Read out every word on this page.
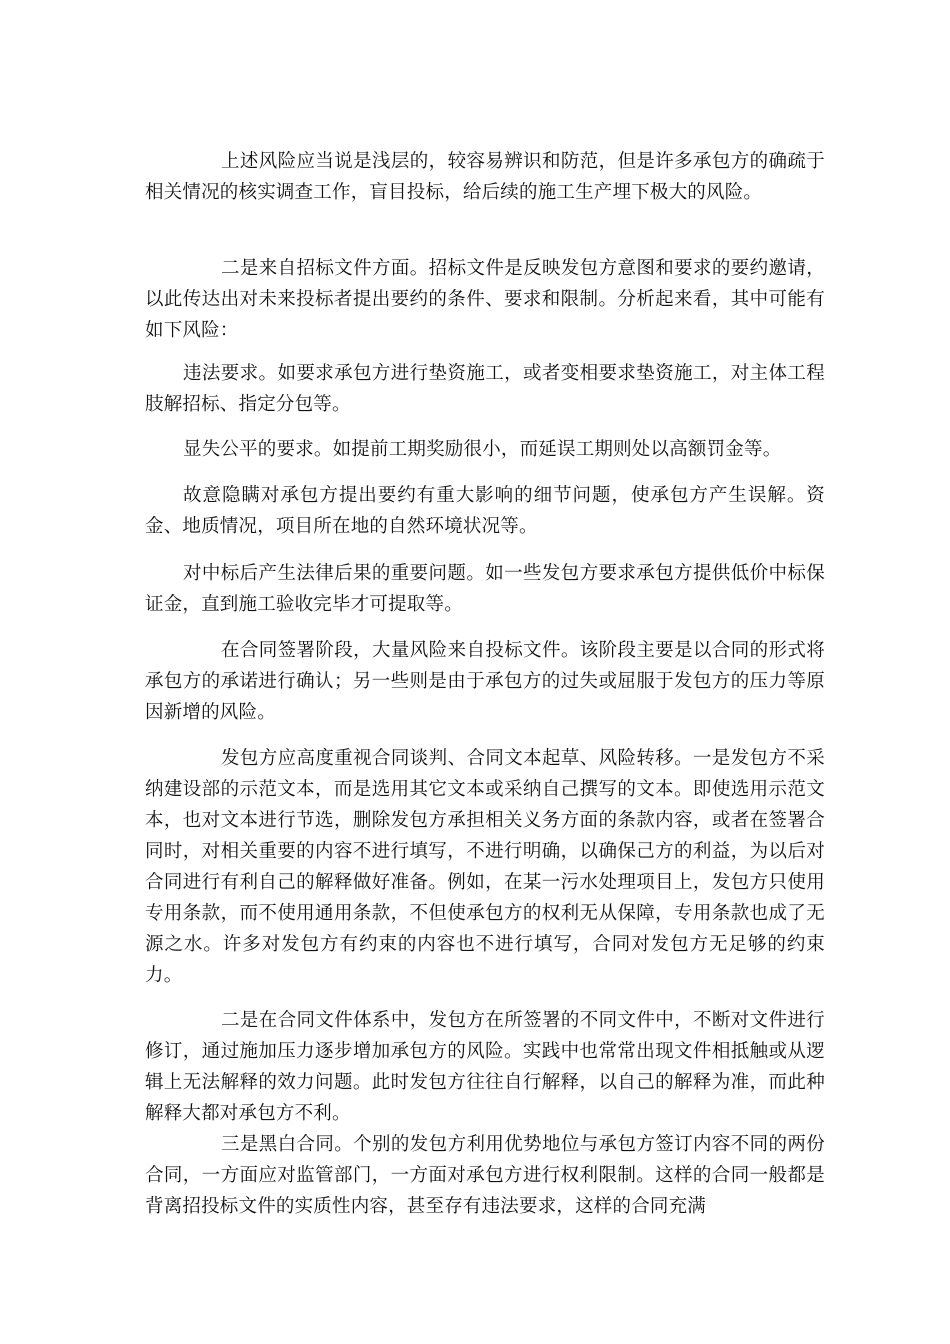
上述风险应当说是浅层的，较容易辨识和防范，但是许多承包方的确疏于相关情况的核实调查工作，盲目投标，给后续的施工生产埋下极大的风险。

二是来自招标文件方面。招标文件是反映发包方意图和要求的要约邀请，以此传达出对未来投标者提出要约的条件、要求和限制。分析起来看，其中可能有如下风险：

违法要求。如要求承包方进行垫资施工，或者变相要求垫资施工，对主体工程肢解招标、指定分包等。

显失公平的要求。如提前工期奖励很小，而延误工期则处以高额罚金等。

故意隐瞒对承包方提出要约有重大影响的细节问题，使承包方产生误解。资金、地质情况，项目所在地的自然环境状况等。

对中标后产生法律后果的重要问题。如一些发包方要求承包方提供低价中标保证金，直到施工验收完毕才可提取等。

在合同签署阶段，大量风险来自投标文件。该阶段主要是以合同的形式将承包方的承诺进行确认；另一些则是由于承包方的过失或屈服于发包方的压力等原因新增的风险。

发包方应高度重视合同谈判、合同文本起草、风险转移。一是发包方不采纳建设部的示范文本，而是选用其它文本或采纳自己撰写的文本。即使选用示范文本，也对文本进行节选，删除发包方承担相关义务方面的条款内容，或者在签署合同时，对相关重要的内容不进行填写，不进行明确，以确保己方的利益，为以后对合同进行有利自己的解释做好准备。例如，在某一污水处理项目上，发包方只使用专用条款，而不使用通用条款，不但使承包方的权利无从保障，专用条款也成了无源之水。许多对发包方有约束的内容也不进行填写，合同对发包方无足够的约束力。

二是在合同文件体系中，发包方在所签署的不同文件中，不断对文件进行修订，通过施加压力逐步增加承包方的风险。实践中也常常出现文件相抵触或从逻辑上无法解释的效力问题。此时发包方往往自行解释，以自己的解释为准，而此种解释大都对承包方不利。

三是黑白合同。个别的发包方利用优势地位与承包方签订内容不同的两份合同，一方面应对监管部门，一方面对承包方进行权利限制。这样的合同一般都是背离招投标文件的实质性内容，甚至存有违法要求，这样的合同充满
